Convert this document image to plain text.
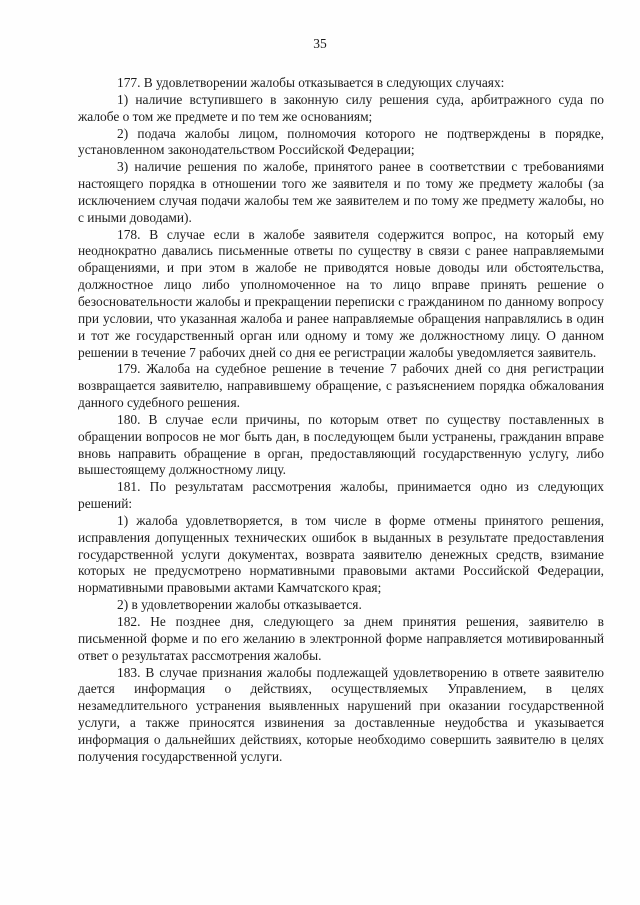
35

177. В удовлетворении жалобы отказывается в следующих случаях:

1) наличие вступившего в законную силу решения суда, арбитражного суда по жалобе о том же предмете и по тем же основаниям;

2) подача жалобы лицом, полномочия которого не подтверждены в порядке, установленном законодательством Российской Федерации;

3) наличие решения по жалобе, принятого ранее в соответствии с требованиями настоящего порядка в отношении того же заявителя и по тому же предмету жалобы (за исключением случая подачи жалобы тем же заявителем и по тому же предмету жалобы, но с иными доводами).

178. В случае если в жалобе заявителя содержится вопрос, на который ему неоднократно давались письменные ответы по существу в связи с ранее направляемыми обращениями, и при этом в жалобе не приводятся новые доводы или обстоятельства, должностное лицо либо уполномоченное на то лицо вправе принять решение о безосновательности жалобы и прекращении переписки с гражданином по данному вопросу при условии, что указанная жалоба и ранее направляемые обращения направлялись в один и тот же государственный орган или одному и тому же должностному лицу. О данном решении в течение 7 рабочих дней со дня ее регистрации жалобы уведомляется заявитель.

179. Жалоба на судебное решение в течение 7 рабочих дней со дня регистрации возвращается заявителю, направившему обращение, с разъяснением порядка обжалования данного судебного решения.

180. В случае если причины, по которым ответ по существу поставленных в обращении вопросов не мог быть дан, в последующем были устранены, гражданин вправе вновь направить обращение в орган, предоставляющий государственную услугу, либо вышестоящему должностному лицу.

181. По результатам рассмотрения жалобы, принимается одно из следующих решений:

1) жалоба удовлетворяется, в том числе в форме отмены принятого решения, исправления допущенных технических ошибок в выданных в результате предоставления государственной услуги документах, возврата заявителю денежных средств, взимание которых не предусмотрено нормативными правовыми актами Российской Федерации, нормативными правовыми актами Камчатского края;

2) в удовлетворении жалобы отказывается.

182. Не позднее дня, следующего за днем принятия решения, заявителю в письменной форме и по его желанию в электронной форме направляется мотивированный ответ о результатах рассмотрения жалобы.

183. В случае признания жалобы подлежащей удовлетворению в ответе заявителю дается информация о действиях, осуществляемых Управлением, в целях незамедлительного устранения выявленных нарушений при оказании государственной услуги, а также приносятся извинения за доставленные неудобства и указывается информация о дальнейших действиях, которые необходимо совершить заявителю в целях получения государственной услуги.
